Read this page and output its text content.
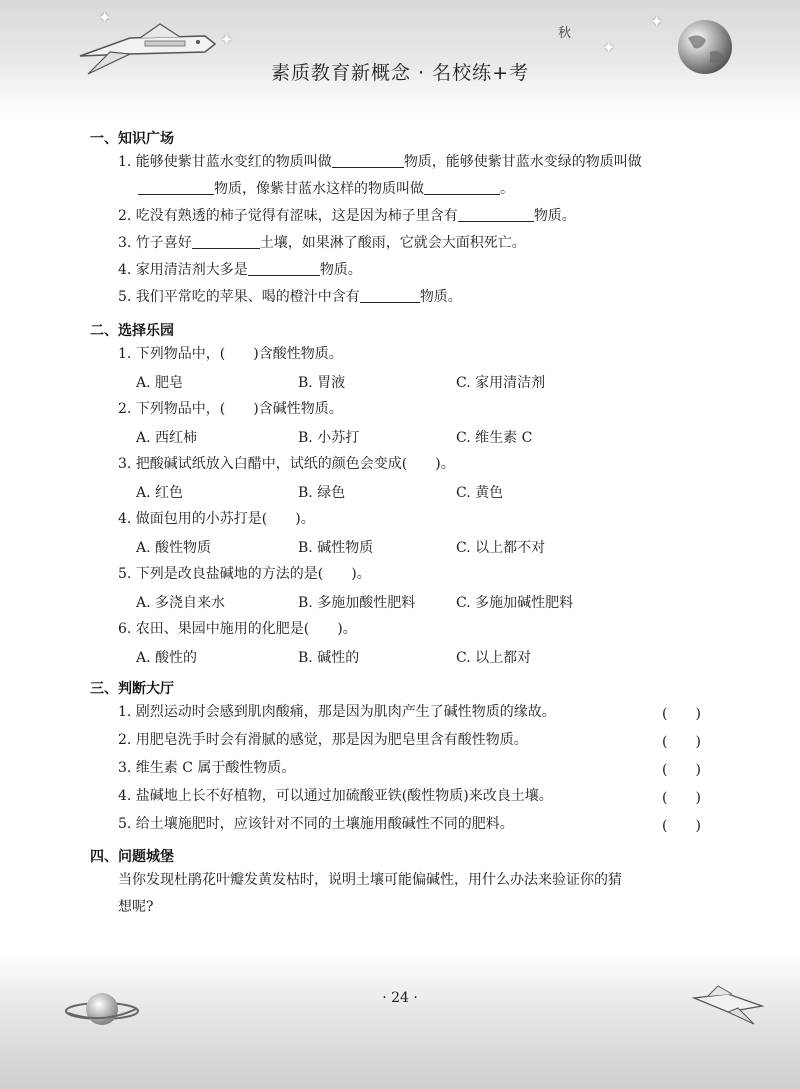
✦
✦	✦
✦
秋
素质教育新概念 · 名校练+考
一、知识广场
1. 能够使紫甘蓝水变红的物质叫做	物质，能够使紫甘蓝水变绿的物质叫做
物质，像紫甘蓝水这样的物质叫做	。
2. 吃没有熟透的柿子觉得有涩味，这是因为柿子里含有	物质。
3. 竹子喜好	土壤，如果淋了酸雨，它就会大面积死亡。
4. 家用清洁剂大多是	物质。
5. 我们平常吃的苹果、喝的橙汁中含有	物质。
二、选择乐园
1. 下列物品中，(　　)含酸性物质。
A. 肥皂	B. 胃液	C. 家用清洁剂
2. 下列物品中，(　　)含碱性物质。
A. 西红柿	B. 小苏打	C. 维生素 C
3. 把酸碱试纸放入白醋中，试纸的颜色会变成(　　)。
A. 红色	B. 绿色	C. 黄色
4. 做面包用的小苏打是(　　)。
A. 酸性物质	B. 碱性物质	C. 以上都不对
5. 下列是改良盐碱地的方法的是(　　)。
A. 多浇自来水	B. 多施加酸性肥料	C. 多施加碱性肥料
6. 农田、果园中施用的化肥是(　　)。
A. 酸性的	B. 碱性的	C. 以上都对
三、判断大厅
1. 剧烈运动时会感到肌肉酸痛，那是因为肌肉产生了碱性物质的缘故。	(　　)
2. 用肥皂洗手时会有滑腻的感觉，那是因为肥皂里含有酸性物质。	(　　)
3. 维生素 C 属于酸性物质。	(　　)
4. 盐碱地上长不好植物，可以通过加硫酸亚铁(酸性物质)来改良土壤。	(　　)
5. 给土壤施肥时，应该针对不同的土壤施用酸碱性不同的肥料。	(　　)
四、问题城堡
当你发现杜鹃花叶瓣发黄发枯时，说明土壤可能偏碱性，用什么办法来验证你的猜
想呢?
· 24 ·
